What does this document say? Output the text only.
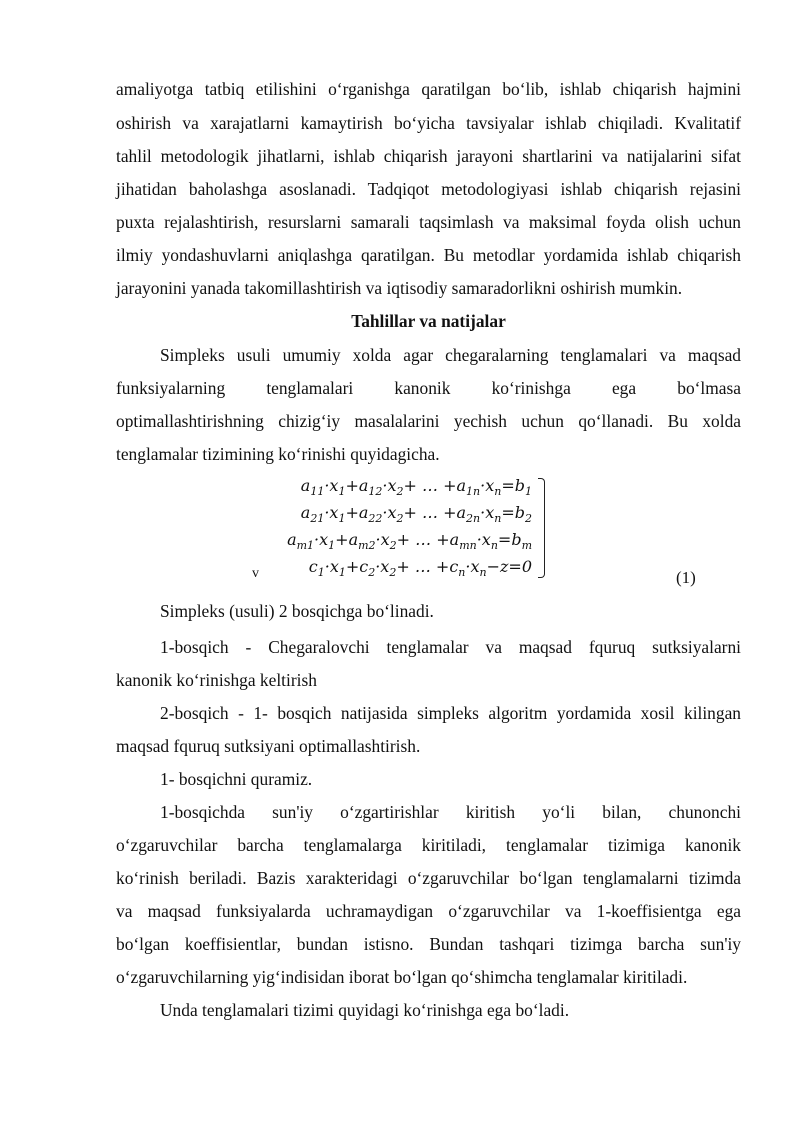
amaliyotga tatbiq etilishini o‘rganishga qaratilgan bo‘lib, ishlab chiqarish hajmini
oshirish va xarajatlarni kamaytirish bo‘yicha tavsiyalar ishlab chiqiladi. Kvalitatif
tahlil metodologik jihatlarni, ishlab chiqarish jarayoni shartlarini va natijalarini sifat
jihatidan baholashga asoslanadi. Tadqiqot metodologiyasi ishlab chiqarish rejasini
puxta rejalashtirish, resurslarni samarali taqsimlash va maksimal foyda olish uchun
ilmiy yondashuvlarni aniqlashga qaratilgan. Bu metodlar yordamida ishlab chiqarish
jarayonini yanada takomillashtirish va iqtisodiy samaradorlikni oshirish mumkin.
Tahlillar va natijalar
Simpleks usuli umumiy xolda agar chegaralarning tenglamalari va maqsad
funksiyalarning tenglamalari kanonik ko‘rinishga ega bo‘lmasa
optimallashtirishning chizig‘iy masalalarini yechish uchun qo‘llanadi. Bu xolda
tenglamalar tizimining ko‘rinishi quyidagicha.
$a_{11}\cdot x_1+a_{12}\cdot x_2+$ … $+a_{1n}\cdot x_n=b_1$
$a_{21}\cdot x_1+a_{22}\cdot x_2+$ … $+a_{2n}\cdot x_n=b_2$
$a_{m1}\cdot x_1+a_{m2}\cdot x_2+$ … $+a_{mn}\cdot x_n=b_m$
$c_1\cdot x_1+c_2\cdot x_2+$ … $+c_n\cdot x_n-z=0$
v	(1)
Simpleks (usuli) 2 bosqichga bo‘linadi.
1-bosqich - Chegaralovchi tenglamalar va maqsad fquruq sutksiyalarni
kanonik ko‘rinishga keltirish
2-bosqich - 1- bosqich natijasida simpleks algoritm yordamida xosil kilingan
maqsad fquruq sutksiyani optimallashtirish.
1- bosqichni quramiz.
1-bosqichda sun'iy o‘zgartirishlar kiritish yo‘li bilan, chunonchi
o‘zgaruvchilar barcha tenglamalarga kiritiladi, tenglamalar tizimiga kanonik
ko‘rinish beriladi. Bazis xarakteridagi o‘zgaruvchilar bo‘lgan tenglamalarni tizimda
va maqsad funksiyalarda uchramaydigan o‘zgaruvchilar va 1-koeffisientga ega
bo‘lgan koeffisientlar, bundan istisno. Bundan tashqari tizimga barcha sun'iy
o‘zgaruvchilarning yig‘indisidan iborat bo‘lgan qo‘shimcha tenglamalar kiritiladi.
Unda tenglamalari tizimi quyidagi ko‘rinishga ega bo‘ladi.
